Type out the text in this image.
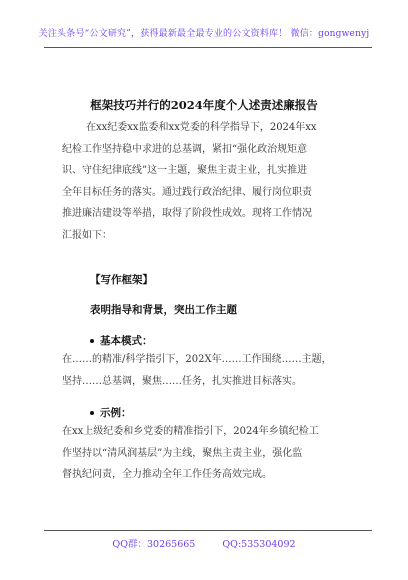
关注头条号“公文研究”，获得最新最全最专业的公文资料库！ 微信：gongwenyj
框架技巧并行的2024年度个人述责述廉报告
在xx纪委xx监委和xx党委的科学指导下，2024年xx
纪检工作坚持稳中求进的总基调，紧扣“强化政治规矩意
识、守住纪律底线”这一主题，聚焦主责主业，扎实推进
全年目标任务的落实。通过践行政治纪律、履行岗位职责
推进廉洁建设等举措，取得了阶段性成效。现将工作情况
汇报如下：
【写作框架】
表明指导和背景，突出工作主题
基本模式：
在……的精准/科学指引下，202X年……工作围绕……主题，
坚持……总基调，聚焦……任务，扎实推进目标落实。
示例：
在xx上级纪委和乡党委的精准指引下，2024年乡镇纪检工
作坚持以“清风润基层”为主线，聚焦主责主业，强化监
督执纪问责，全力推动全年工作任务高效完成。
QQ群：30265665	QQ:535304092
